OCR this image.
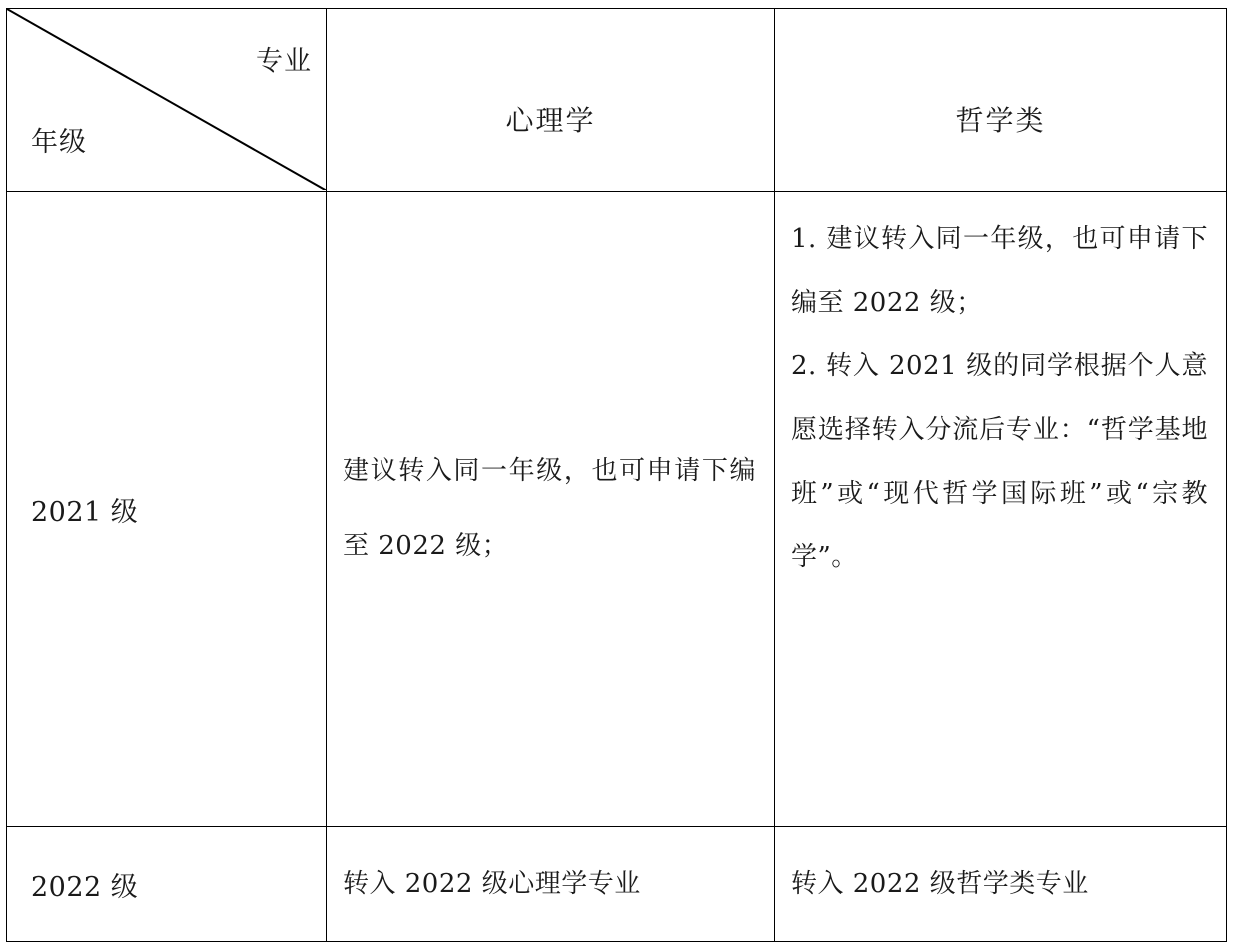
专业
年级	心理学	哲学类
2021 级	建议转入同一年级，也可申请下编至 2022 级；	1. 建议转入同一年级，也可申请下编至 2022 级；

2. 转入 2021 级的同学根据个人意愿选择转入分流后专业：“哲学基地班”或“现代哲学国际班”或“宗教学”。

2022 级	转入 2022 级心理学专业	转入 2022 级哲学类专业
